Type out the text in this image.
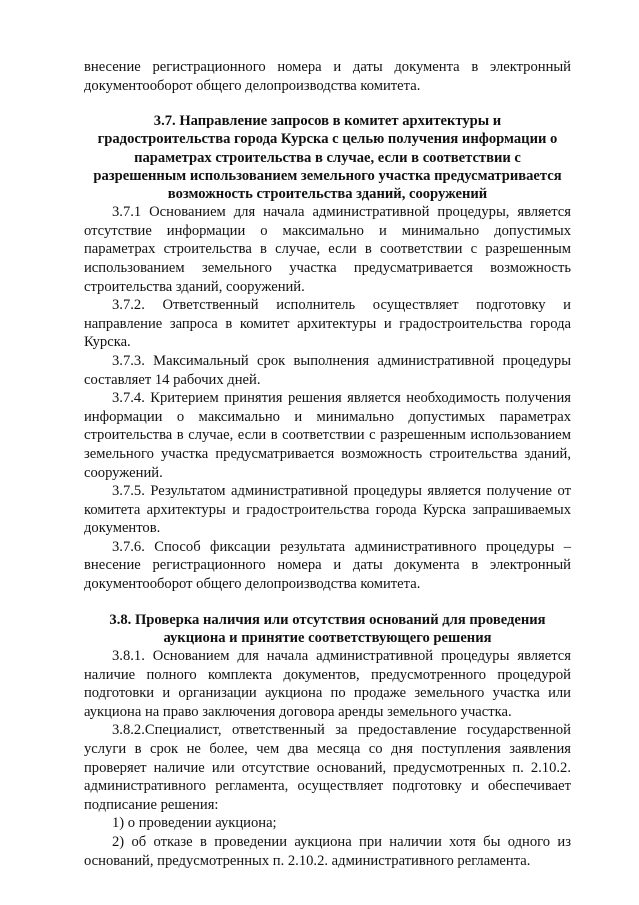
внесение регистрационного номера и даты документа в электронный документооборот общего делопроизводства комитета.

3.7. Направление запросов в комитет архитектуры и градостроительства города Курска с целью получения информации о параметрах строительства в случае, если в соответствии с разрешенным использованием земельного участка предусматривается возможность строительства зданий, сооружений

3.7.1 Основанием для начала административной процедуры, является отсутствие информации о максимально и минимально допустимых параметрах строительства в случае, если в соответствии с разрешенным использованием земельного участка предусматривается возможность строительства зданий, сооружений.

3.7.2. Ответственный исполнитель осуществляет подготовку и направление запроса в комитет архитектуры и градостроительства города Курска.

3.7.3. Максимальный срок выполнения административной процедуры составляет 14 рабочих дней.

3.7.4. Критерием принятия решения является необходимость получения информации о максимально и минимально допустимых параметрах строительства в случае, если в соответствии с разрешенным использованием земельного участка предусматривается возможность строительства зданий, сооружений.

3.7.5. Результатом административной процедуры является получение от комитета архитектуры и градостроительства города Курска запрашиваемых документов.

3.7.6. Способ фиксации результата административного процедуры – внесение регистрационного номера и даты документа в электронный документооборот общего делопроизводства комитета.

3.8. Проверка наличия или отсутствия оснований для проведения аукциона и принятие соответствующего решения

3.8.1. Основанием для начала административной процедуры является наличие полного комплекта документов, предусмотренного процедурой подготовки и организации аукциона по продаже земельного участка или аукциона на право заключения договора аренды земельного участка.

3.8.2.Специалист, ответственный за предоставление государственной услуги в срок не более, чем два месяца со дня поступления заявления проверяет наличие или отсутствие оснований, предусмотренных п. 2.10.2. административного регламента, осуществляет подготовку и обеспечивает подписание решения:

1) о проведении аукциона;

2) об отказе в проведении аукциона при наличии хотя бы одного из оснований, предусмотренных п. 2.10.2. административного регламента.
